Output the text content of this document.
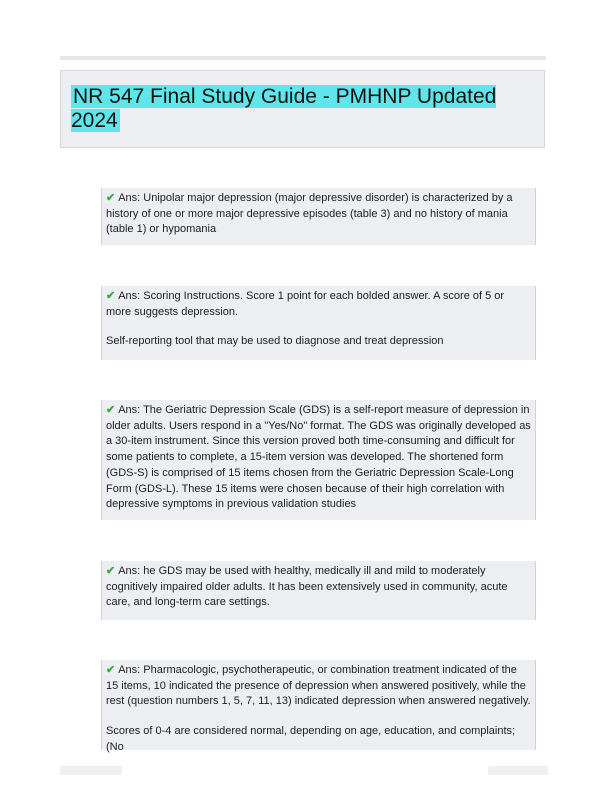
NR 547 Final Study Guide - PMHNP Updated 2024

✔ Ans: Unipolar major depression (major depressive disorder) is characterized by a history of one or more major depressive episodes (table 3) and no history of mania (table 1) or hypomania

✔ Ans: Scoring Instructions. Score 1 point for each bolded answer. A score of 5 or more suggests depression.

Self-reporting tool that may be used to diagnose and treat depression

✔ Ans: The Geriatric Depression Scale (GDS) is a self-report measure of depression in older adults. Users respond in a "Yes/No" format. The GDS was originally developed as a 30-item instrument. Since this version proved both time-consuming and difficult for some patients to complete, a 15-item version was developed. The shortened form (GDS-S) is comprised of 15 items chosen from the Geriatric Depression Scale-Long Form (GDS-L). These 15 items were chosen because of their high correlation with depressive symptoms in previous validation studies

✔ Ans: he GDS may be used with healthy, medically ill and mild to moderately cognitively impaired older adults. It has been extensively used in community, acute care, and long-term care settings.

✔ Ans: Pharmacologic, psychotherapeutic, or combination treatment indicated of the 15 items, 10 indicated the presence of depression when answered positively, while the rest (question numbers 1, 5, 7, 11, 13) indicated depression when answered negatively.

Scores of 0-4 are considered normal, depending on age, education, and complaints; (No
